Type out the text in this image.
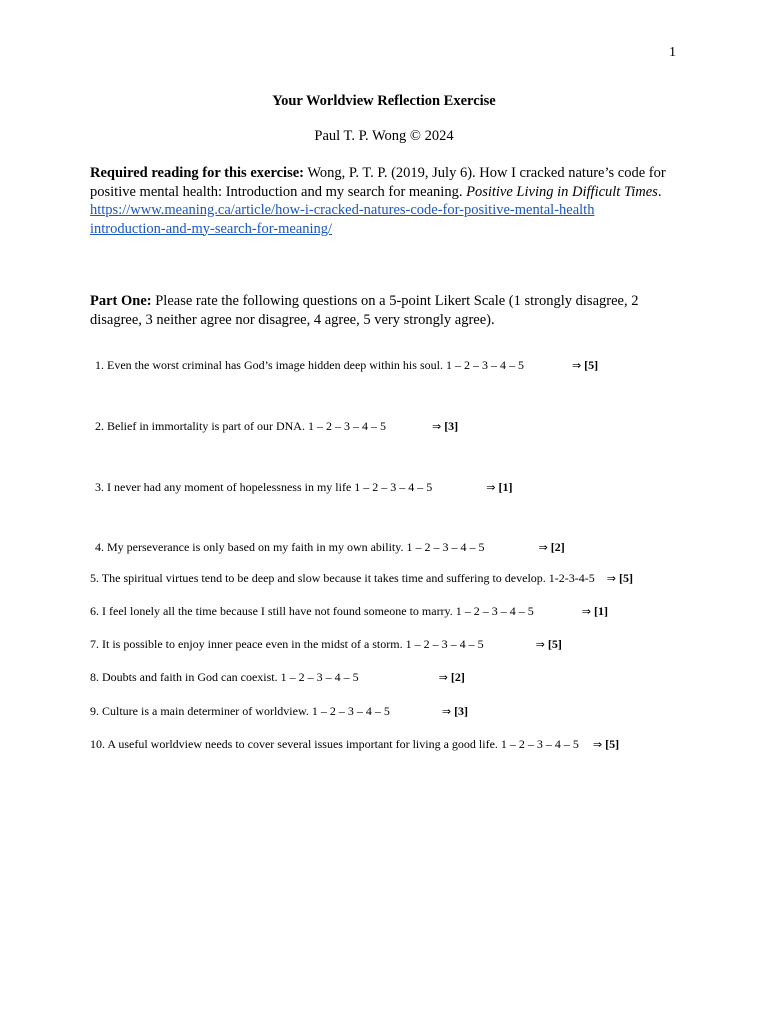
1
Your Worldview Reflection Exercise
Paul T. P. Wong © 2024
Required reading for this exercise: Wong, P. T. P. (2019, July 6). How I cracked nature’s code for positive mental health: Introduction and my search for meaning. Positive Living in Difficult Times. https://www.meaning.ca/article/how-i-cracked-natures-code-for-positive-mental-health
introduction-and-my-search-for-meaning/
Part One: Please rate the following questions on a 5-point Likert Scale (1 strongly disagree, 2 disagree, 3 neither agree nor disagree, 4 agree, 5 very strongly agree).
1. Even the worst criminal has God’s image hidden deep within his soul. 1 – 2 – 3 – 4 – 5	⇒ [5]
2. Belief in immortality is part of our DNA. 1 – 2 – 3 – 4 – 5	⇒ [3]
3. I never had any moment of hopelessness in my life 1 – 2 – 3 – 4 – 5	⇒ [1]
4. My perseverance is only based on my faith in my own ability. 1 – 2 – 3 – 4 – 5	⇒ [2]
5. The spiritual virtues tend to be deep and slow because it takes time and suffering to develop. 1-2-3-4-5 ⇒ [5]
6. I feel lonely all the time because I still have not found someone to marry. 1 – 2 – 3 – 4 – 5	⇒ [1]
7. It is possible to enjoy inner peace even in the midst of a storm. 1 – 2 – 3 – 4 – 5	⇒ [5]
8. Doubts and faith in God can coexist. 1 – 2 – 3 – 4 – 5	⇒ [2]
9. Culture is a main determiner of worldview. 1 – 2 – 3 – 4 – 5	⇒ [3]
10. A useful worldview needs to cover several issues important for living a good life. 1 – 2 – 3 – 4 – 5 ⇒ [5]
